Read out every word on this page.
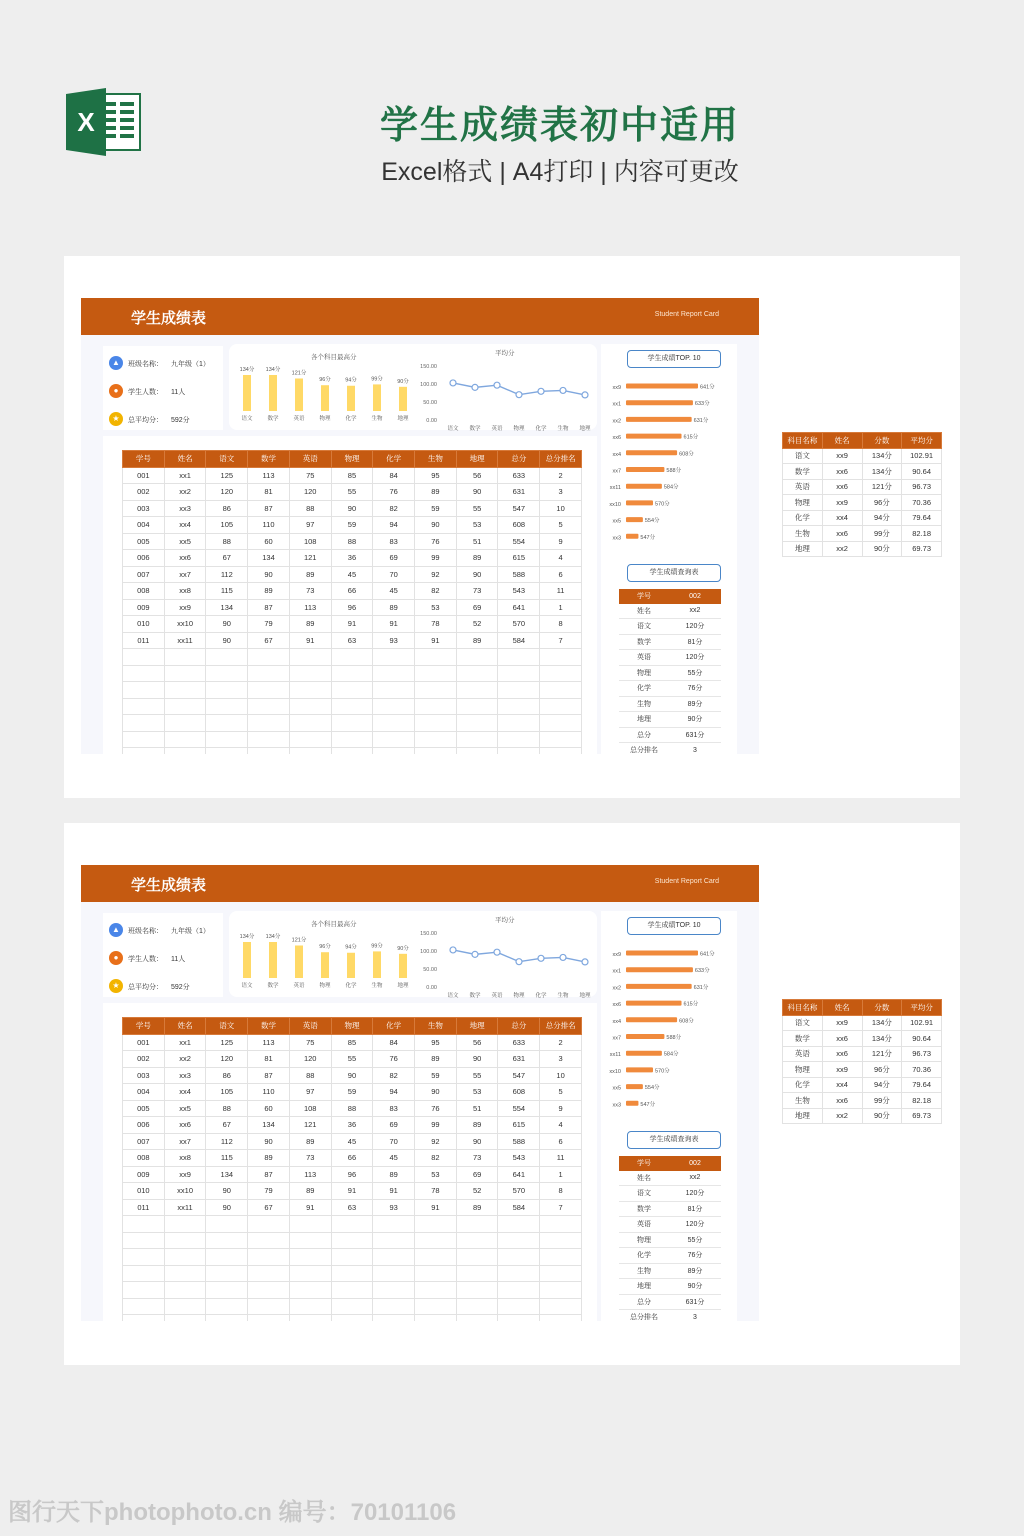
X	学生成绩表初中适用
Excel格式 | A4打印 | 内容可更改
学生成绩表	Student Report Card
▲	班级名称： 九年级（1）
●	学生人数： 11人
★	总平均分： 592分
各个科目最高分
平均分
134分
语文
134分
数学
121分
英语
96分
物理
94分
化学
99分
生物
90分
地理
150.00
100.00
50.00
0.00
语文 数学 英语 物理 化学 生物 地理
学号	姓名	语文	数学	英语	物理	化学	生物	地理	总分	总分排名
001	xx1	125	113	75	85	84	95	56	633	2
002	xx2	120	81	120	55	76	89	90	631	3
003	xx3	86	87	88	90	82	59	55	547	10
004	xx4	105	110	97	59	94	90	53	608	5
005	xx5	88	60	108	88	83	76	51	554	9
006	xx6	67	134	121	36	69	99	89	615	4
007	xx7	112	90	89	45	70	92	90	588	6
008	xx8	115	89	73	66	45	82	73	543	11
009	xx9	134	87	113	96	89	53	69	641	1
010	xx10	90	79	89	91	91	78	52	570	8
011	xx11	90	67	91	63	93	91	89	584	7

学生成绩TOP. 10
xx9	641分
xx1	633分
xx2	631分
xx6	615分
xx4	608分
xx7	588分
xx11	584分
xx10	570分
xx5	554分
xx3	547分
学生成绩查询表
学号	002
姓名	xx2
语文	120分
数学	81分
英语	120分
物理	55分
化学	76分
生物	89分
地理	90分
总分	631分
总分排名	3
科目名称	姓名	分数	平均分
语文	xx9	134分	102.91
数学	xx6	134分	90.64
英语	xx6	121分	96.73
物理	xx9	96分	70.36
化学	xx4	94分	79.64
生物	xx6	99分	82.18
地理	xx2	90分	69.73
学生成绩表	Student Report Card
▲	班级名称： 九年级（1）
●	学生人数： 11人
★	总平均分： 592分
各个科目最高分
平均分
134分
语文
134分
数学
121分
英语
96分
物理
94分
化学
99分
生物
90分
地理
150.00
100.00
50.00
0.00
语文 数学 英语 物理 化学 生物 地理
学号	姓名	语文	数学	英语	物理	化学	生物	地理	总分	总分排名
001	xx1	125	113	75	85	84	95	56	633	2
002	xx2	120	81	120	55	76	89	90	631	3
003	xx3	86	87	88	90	82	59	55	547	10
004	xx4	105	110	97	59	94	90	53	608	5
005	xx5	88	60	108	88	83	76	51	554	9
006	xx6	67	134	121	36	69	99	89	615	4
007	xx7	112	90	89	45	70	92	90	588	6
008	xx8	115	89	73	66	45	82	73	543	11
009	xx9	134	87	113	96	89	53	69	641	1
010	xx10	90	79	89	91	91	78	52	570	8
011	xx11	90	67	91	63	93	91	89	584	7

学生成绩TOP. 10
xx9	641分
xx1	633分
xx2	631分
xx6	615分
xx4	608分
xx7	588分
xx11	584分
xx10	570分
xx5	554分
xx3	547分
学生成绩查询表
学号	002
姓名	xx2
语文	120分
数学	81分
英语	120分
物理	55分
化学	76分
生物	89分
地理	90分
总分	631分
总分排名	3
科目名称	姓名	分数	平均分
语文	xx9	134分	102.91
数学	xx6	134分	90.64
英语	xx6	121分	96.73
物理	xx9	96分	70.36
化学	xx4	94分	79.64
生物	xx6	99分	82.18
地理	xx2	90分	69.73
图行天下photophoto.cn 编号：70101106
